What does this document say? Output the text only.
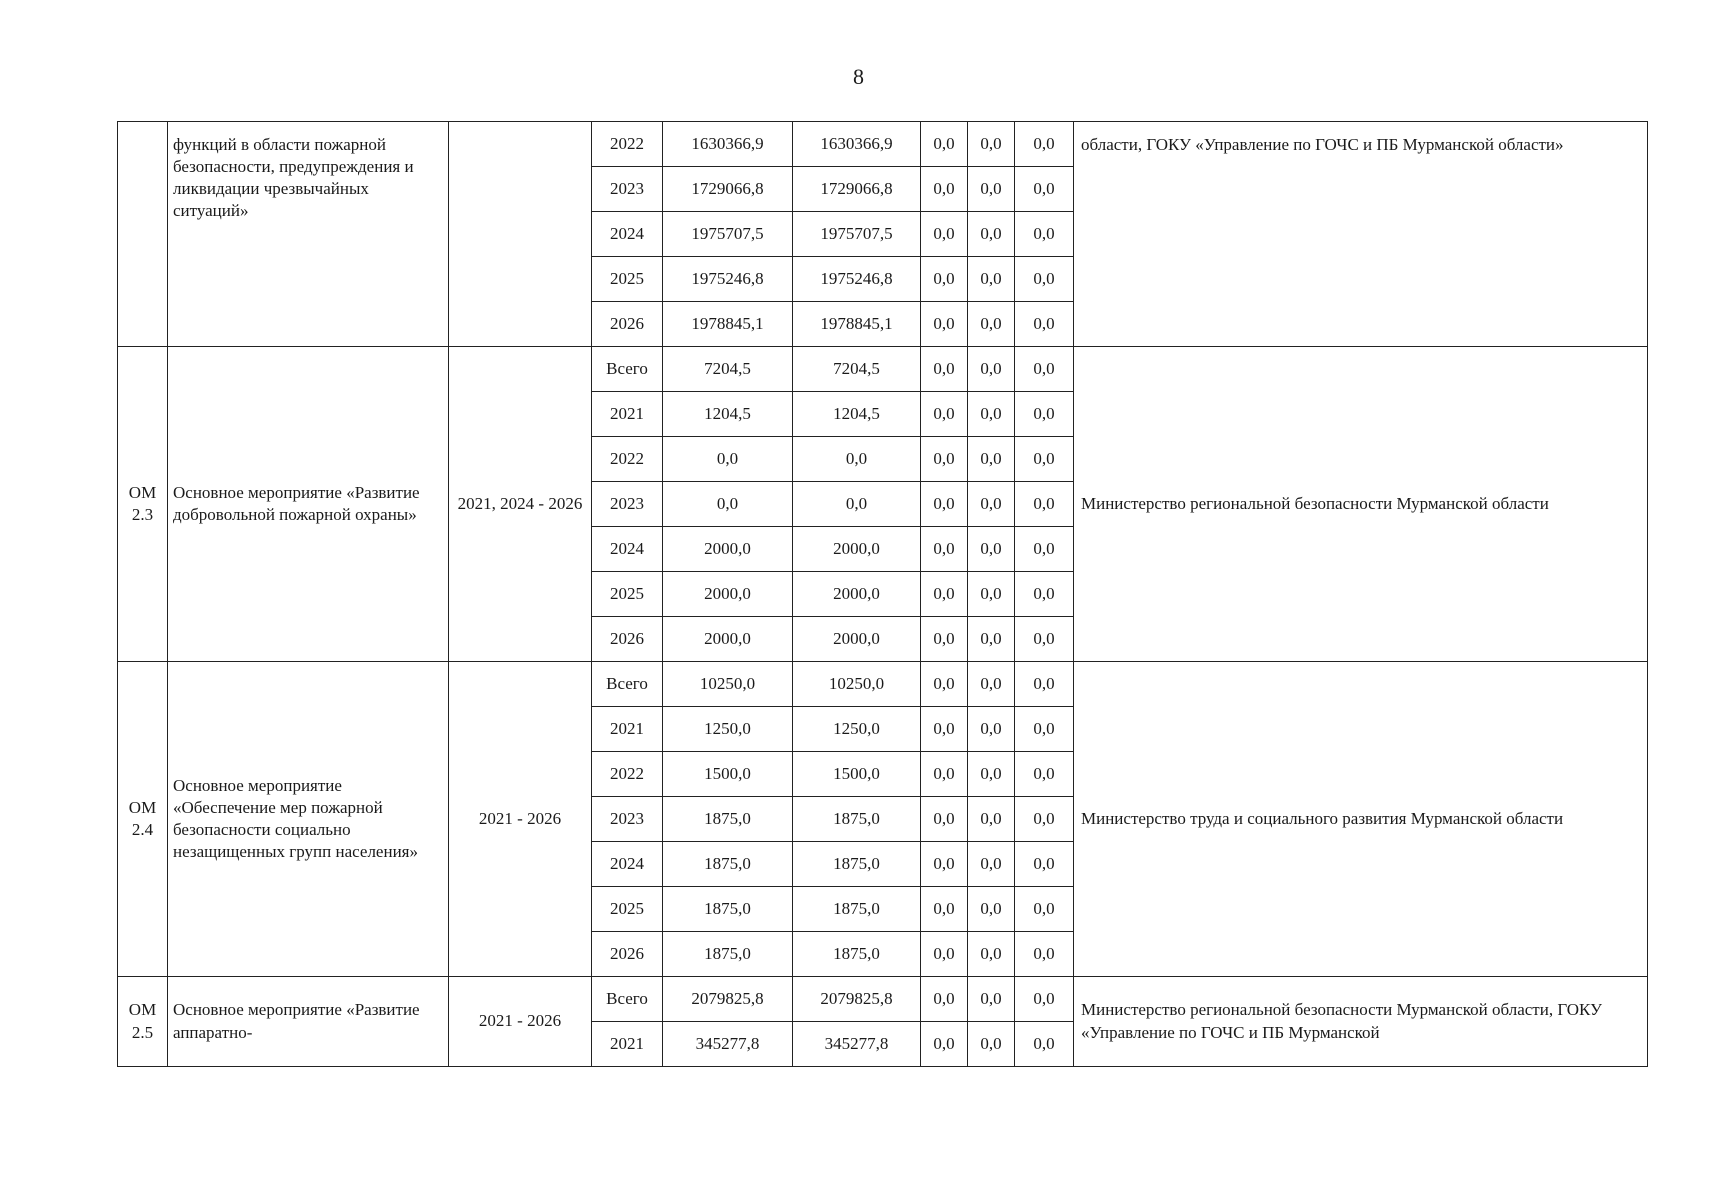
8
	функций в области пожарной безопасности, предупреждения и ликвидации чрезвычайных ситуаций»		2022	1630366,9	1630366,9	0,0	0,0	0,0	области, ГОКУ «Управление по ГОЧС и ПБ Мурманской области»
			2023	1729066,8	1729066,8	0,0	0,0	0,0	
			2024	1975707,5	1975707,5	0,0	0,0	0,0	
			2025	1975246,8	1975246,8	0,0	0,0	0,0	
			2026	1978845,1	1978845,1	0,0	0,0	0,0	

ОМ
2.3	Основное мероприятие «Развитие добровольной пожарной охраны»	2021, 2024 - 2026	Всего	7204,5	7204,5	0,0	0,0	0,0	Министерство региональной безопасности Мурманской области
			2021	1204,5	1204,5	0,0	0,0	0,0	
			2022	0,0	0,0	0,0	0,0	0,0	
			2023	0,0	0,0	0,0	0,0	0,0	
			2024	2000,0	2000,0	0,0	0,0	0,0	
			2025	2000,0	2000,0	0,0	0,0	0,0	
			2026	2000,0	2000,0	0,0	0,0	0,0	

ОМ
2.4	Основное мероприятие «Обеспечение мер пожарной безопасности социально незащищенных групп населения»	2021 - 2026	Всего	10250,0	10250,0	0,0	0,0	0,0	Министерство труда и социального развития Мурманской области
			2021	1250,0	1250,0	0,0	0,0	0,0	
			2022	1500,0	1500,0	0,0	0,0	0,0	
			2023	1875,0	1875,0	0,0	0,0	0,0	
			2024	1875,0	1875,0	0,0	0,0	0,0	
			2025	1875,0	1875,0	0,0	0,0	0,0	
			2026	1875,0	1875,0	0,0	0,0	0,0	

ОМ
2.5	Основное мероприятие «Развитие аппаратно-	2021 - 2026	Всего	2079825,8	2079825,8	0,0	0,0	0,0	Министерство региональной безопасности Мурманской области, ГОКУ «Управление по ГОЧС и ПБ Мурманской
			2021	345277,8	345277,8	0,0	0,0	0,0	
